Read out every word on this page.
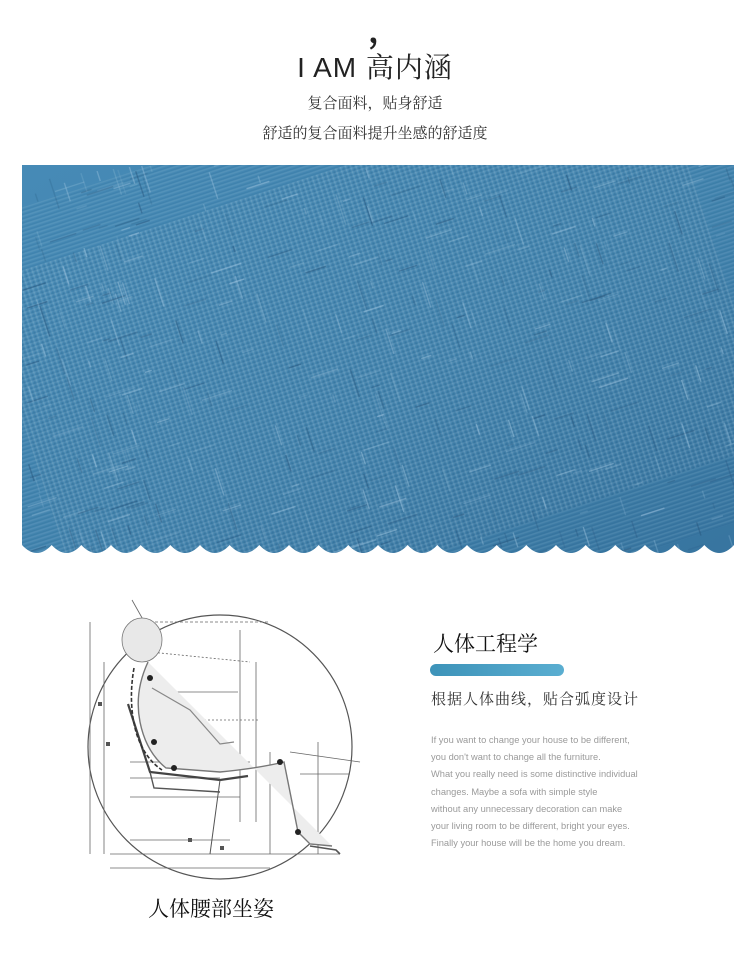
，
I AM 高内涵
复合面料，贴身舒适
舒适的复合面料提升坐感的舒适度
人体腰部坐姿
人体工程学
根据人体曲线，贴合弧度设计
If you want to change your house to be different,
you don't want to change all the furniture.
What you really need is some distinctive individual
changes. Maybe a sofa with simple style
without any unnecessary decoration can make
your living room to be different, bright your eyes.
Finally your house will be the home you dream.
